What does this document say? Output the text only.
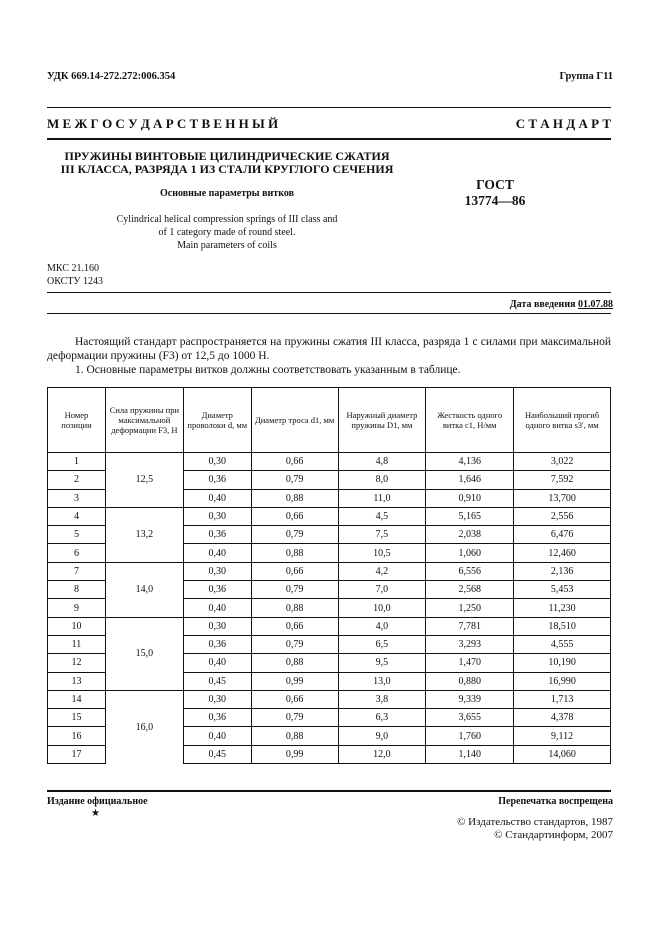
УДК 669.14-272.272:006.354	Группа Г11
М Е Ж Г О С У Д А Р С Т В Е Н Н Ы Й	С Т А Н Д А Р Т
ПРУЖИНЫ ВИНТОВЫЕ ЦИЛИНДРИЧЕСКИЕ СЖАТИЯ
III КЛАССА, РАЗРЯДА 1 ИЗ СТАЛИ КРУГЛОГО СЕЧЕНИЯ
Основные параметры витков
Cylindrical helical compression springs of III class and
of 1 category made of round steel.
Main parameters of coils
ГОСТ
13774—86
МКС 21.160
ОКСТУ 1243
Дата введения 01.07.88
Настоящий стандарт распространяется на пружины сжатия III класса, разряда 1 с силами при максимальной деформации пружины (F3) от 12,5 до 1000 Н.
1. Основные параметры витков должны соответствовать указанным в таблице.
Номер позиции	Сила пружины при максимальной деформации F3, Н	Диаметр проволоки d, мм	Диаметр троса d1, мм	Наружный диаметр пружины D1, мм	Жесткость одного витка c1, Н/мм	Наибольший прогиб одного витка s3', мм
1	12,5	0,30	0,66	4,8	4,136	3,022
2		0,36	0,79	8,0	1,646	7,592
3		0,40	0,88	11,0	0,910	13,700
4	13,2	0,30	0,66	4,5	5,165	2,556
5		0,36	0,79	7,5	2,038	6,476
6		0,40	0,88	10,5	1,060	12,460
7	14,0	0,30	0,66	4,2	6,556	2,136
8		0,36	0,79	7,0	2,568	5,453
9		0,40	0,88	10,0	1,250	11,230
10	15,0	0,30	0,66	4,0	7,781	18,510
11		0,36	0,79	6,5	3,293	4,555
12		0,40	0,88	9,5	1,470	10,190
13		0,45	0,99	13,0	0,880	16,990
14	16,0	0,30	0,66	3,8	9,339	1,713
15		0,36	0,79	6,3	3,655	4,378
16		0,40	0,88	9,0	1,760	9,112
17		0,45	0,99	12,0	1,140	14,060
Издание официальное
★
Перепечатка воспрещена
© Издательство стандартов, 1987
© Стандартинформ, 2007
